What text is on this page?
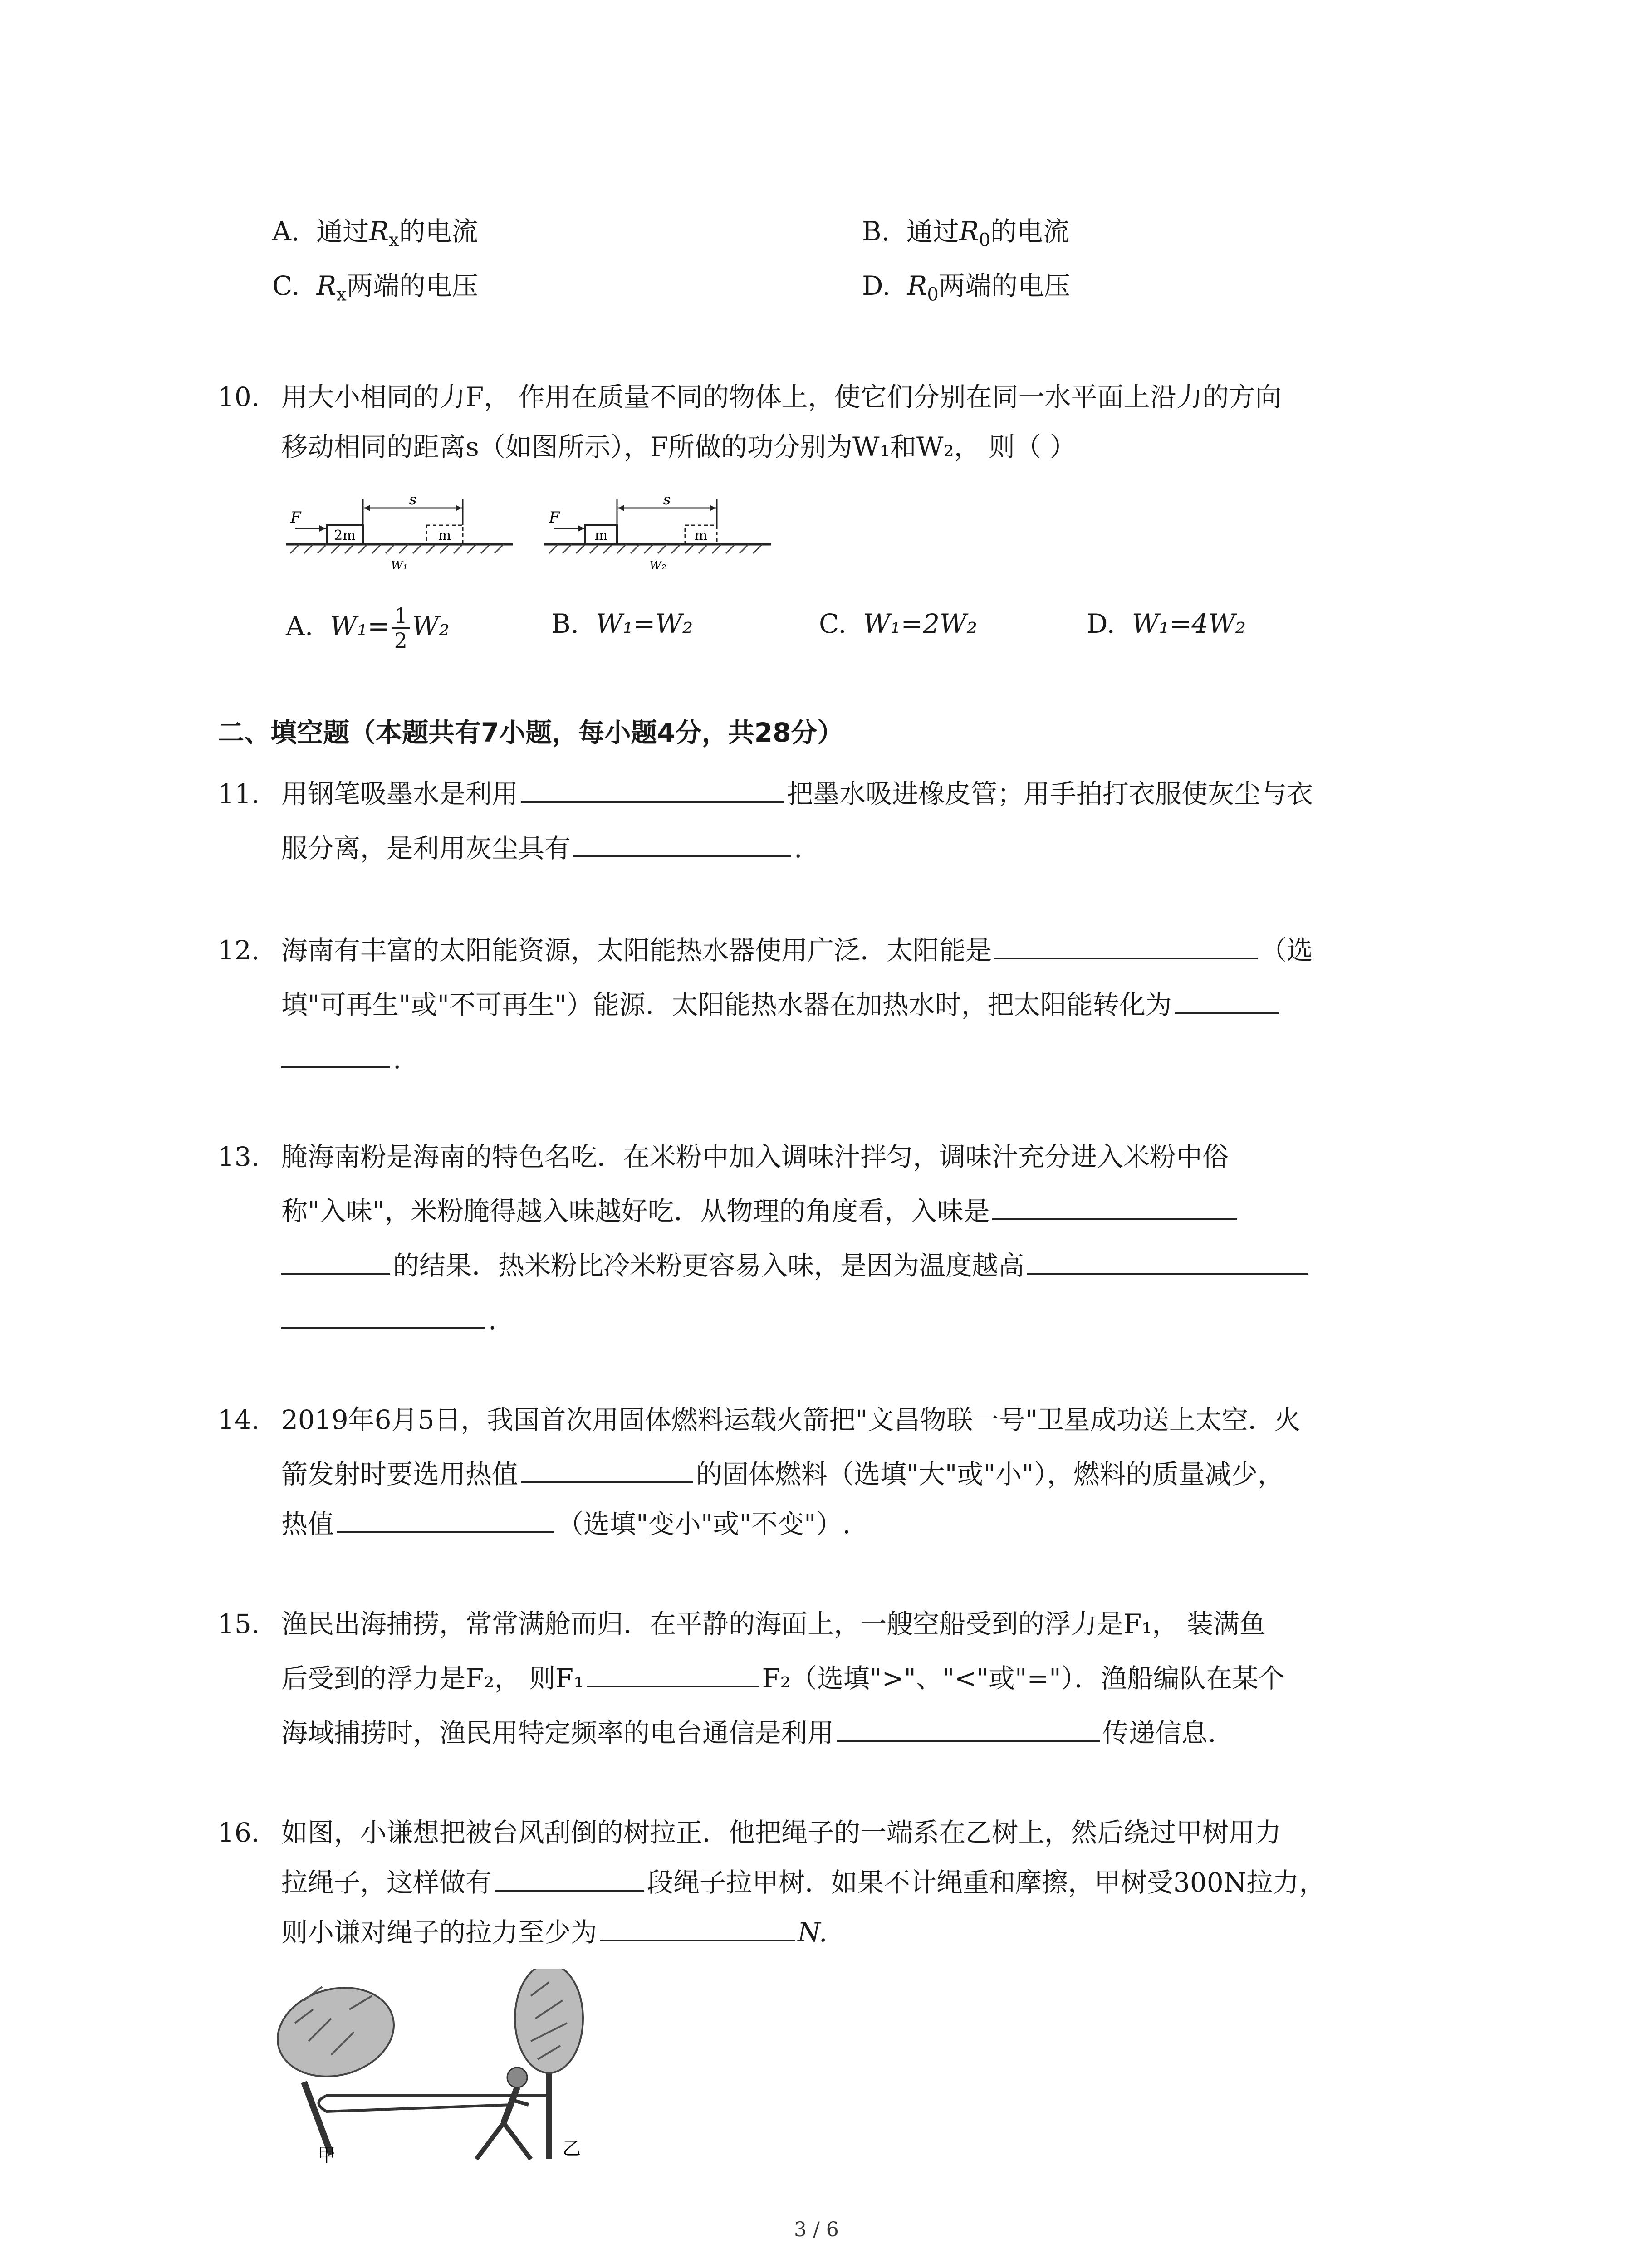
A. 通过$R_x$的电流	B. 通过$R_0$的电流
C. $R_x$两端的电压	D. $R_0$两端的电压
10. 用大小相同的力F， 作用在质量不同的物体上，使它们分别在同一水平面上沿力的方向
移动相同的距离s（如图所示），F所做的功分别为W₁和W₂， 则（ ）
2m	m
F
s
W₁
m	m
F
s
W₂
A. $W_1= \frac{1}{2} W_2$	B. W₁=W₂	C. W₁=2W₂	D. W₁=4W₂
二、填空题（本题共有7小题，每小题4分，共28分）
11. 用钢笔吸墨水是利用	把墨水吸进橡皮管；用手拍打衣服使灰尘与衣
服分离，是利用灰尘具有	.
12. 海南有丰富的太阳能资源，太阳能热水器使用广泛．太阳能是	（选
填"可再生"或"不可再生"）能源．太阳能热水器在加热水时，把太阳能转化为
.
13. 腌海南粉是海南的特色名吃．在米粉中加入调味汁拌匀，调味汁充分进入米粉中俗
称"入味"，米粉腌得越入味越好吃．从物理的角度看，入味是
的结果．热米粉比冷米粉更容易入味，是因为温度越高
.
14. 2019年6月5日，我国首次用固体燃料运载火箭把"文昌物联一号"卫星成功送上太空．火
箭发射时要选用热值	的固体燃料（选填"大"或"小"），燃料的质量减少，
热值	（选填"变小"或"不变"）.
15. 渔民出海捕捞，常常满舱而归．在平静的海面上，一艘空船受到的浮力是F₁， 装满鱼
后受到的浮力是F₂， 则F₁	F₂（选填">"、"<"或"="）．渔船编队在某个
海域捕捞时，渔民用特定频率的电台通信是利用	传递信息.
16. 如图，小谦想把被台风刮倒的树拉正．他把绳子的一端系在乙树上，然后绕过甲树用力
拉绳子，这样做有	段绳子拉甲树．如果不计绳重和摩擦，甲树受300N拉力，
则小谦对绳子的拉力至少为	N.
甲	乙
3 / 6
